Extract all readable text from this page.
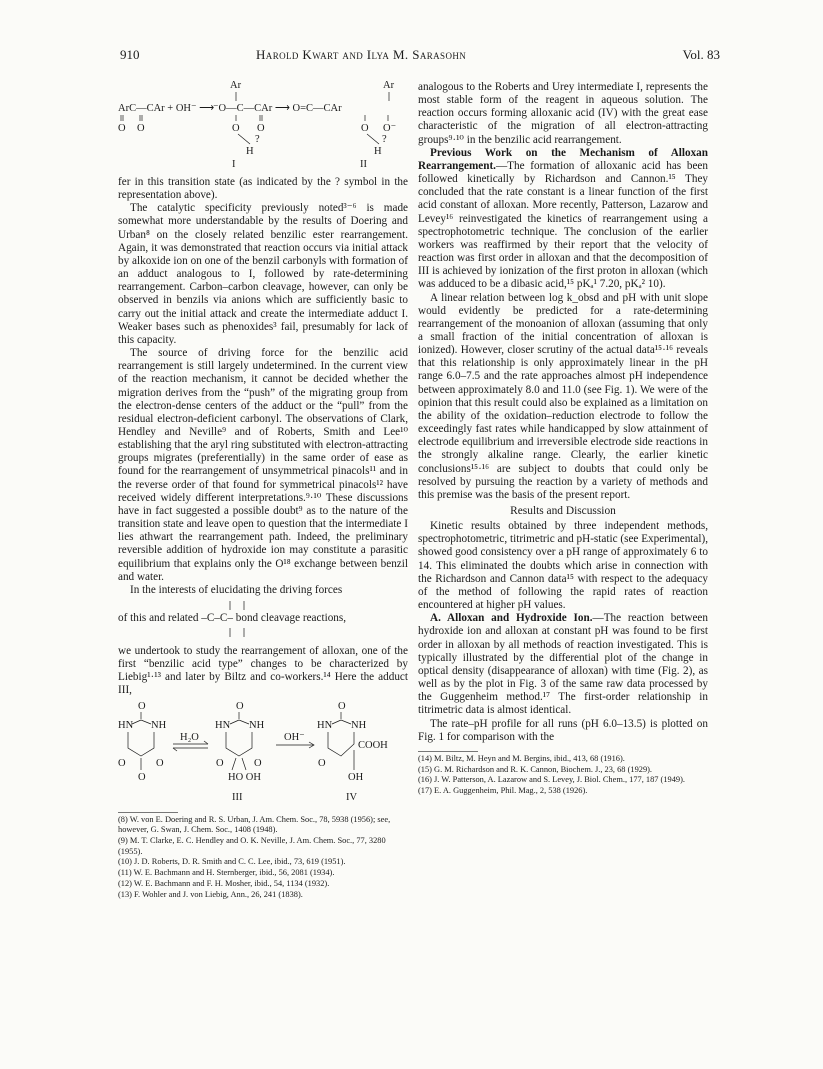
910	Harold Kwart and Ilya M. Sarasohn	Vol. 83
ArC—CAr + OH⁻ ⟶
O O
Ar
⁻O—C—CAr ⟶ O=C—CAr
O O
?
H
I
Ar
O O⁻
?
H
II

fer in this transition state (as indicated by the ? symbol in the representation above).

The catalytic specificity previously noted³⁻⁶ is made somewhat more understandable by the results of Doering and Urban⁸ on the closely related benzilic ester rearrangement. Again, it was demonstrated that reaction occurs via initial attack by alkoxide ion on one of the benzil carbonyls with formation of an adduct analogous to I, followed by rate-determining rearrangement. Carbon–carbon cleavage, however, can only be observed in benzils via anions which are sufficiently basic to carry out the initial attack and create the intermediate adduct I. Weaker bases such as phenoxides³ fail, presumably for lack of this capacity.

The source of driving force for the benzilic acid rearrangement is still largely undetermined. In the current view of the reaction mechanism, it cannot be decided whether the migration derives from the “push” of the migrating group from the electron-dense centers of the adduct or the “pull” from the residual electron-deficient carbonyl. The observations of Clark, Hendley and Neville⁹ and of Roberts, Smith and Lee¹⁰ establishing that the aryl ring substituted with electron-attracting groups migrates (preferentially) in the same order of ease as found for the rearrangement of unsymmetrical pinacols¹¹ and in the reverse order of that found for symmetrical pinacols¹² have received widely different interpretations.⁹·¹⁰ These discussions have in fact suggested a possible doubt⁹ as to the nature of the transition state and leave open to question that the intermediate I lies athwart the rearrangement path. Indeed, the preliminary reversible addition of hydroxide ion may constitute a parasitic equilibrium that explains only the O¹⁸ exchange between benzil and water.

In the interests of elucidating the driving forces

of this and related –C–C– bond cleavage reactions,

we undertook to study the rearrangement of alloxan, one of the first “benzilic acid type” changes to be characterized by Liebig¹·¹³ and later by Biltz and co-workers.¹⁴ Here the adduct III,

O
HN NH
O	O
O
H₂O
O
HN NH
O	O
HO OH
III
OH⁻
O
HN NH
COOH
O
OH
IV
(8) W. von E. Doering and R. S. Urban, J. Am. Chem. Soc., 78, 5938 (1956); see, however, G. Swan, J. Chem. Soc., 1408 (1948).
(9) M. T. Clarke, E. C. Hendley and O. K. Neville, J. Am. Chem. Soc., 77, 3280 (1955).
(10) J. D. Roberts, D. R. Smith and C. C. Lee, ibid., 73, 619 (1951).
(11) W. E. Bachmann and H. Sternberger, ibid., 56, 2081 (1934).
(12) W. E. Bachmann and F. H. Mosher, ibid., 54, 1134 (1932).
(13) F. Wohler and J. von Liebig, Ann., 26, 241 (1838).

analogous to the Roberts and Urey intermediate I, represents the most stable form of the reagent in aqueous solution. The reaction occurs forming alloxanic acid (IV) with the great ease characteristic of the migration of all electron-attracting groups⁹·¹⁰ in the benzilic acid rearrangement.

Previous Work on the Mechanism of Alloxan Rearrangement.—The formation of alloxanic acid has been followed kinetically by Richardson and Cannon.¹⁵ They concluded that the rate constant is a linear function of the first acid constant of alloxan. More recently, Patterson, Lazarow and Levey¹⁶ reinvestigated the kinetics of rearrangement using a spectrophotometric technique. The conclusion of the earlier workers was reaffirmed by their report that the velocity of reaction was first order in alloxan and that the decomposition of III is achieved by ionization of the first proton in alloxan (which was adduced to be a dibasic acid,¹⁵ pKₐ¹ 7.20, pKₐ² 10).

A linear relation between log k_obsd and pH with unit slope would evidently be predicted for a rate-determining rearrangement of the monoanion of alloxan (assuming that only a small fraction of the initial concentration of alloxan is ionized). However, closer scrutiny of the actual data¹⁵·¹⁶ reveals that this relationship is only approximately linear in the pH range 6.0–7.5 and the rate approaches almost pH independence between approximately 8.0 and 11.0 (see Fig. 1). We were of the opinion that this result could also be explained as a limitation on the ability of the oxidation–reduction electrode to follow the exceedingly fast rates while handicapped by slow attainment of electrode equilibrium and irreversible electrode side reactions in the strongly alkaline range. Clearly, the earlier kinetic conclusions¹⁵·¹⁶ are subject to doubts that could only be resolved by pursuing the reaction by a variety of methods and this premise was the basis of the present report.

Results and Discussion

Kinetic results obtained by three independent methods, spectrophotometric, titrimetric and pH-static (see Experimental), showed good consistency over a pH range of approximately 6 to 14. This eliminated the doubts which arise in connection with the Richardson and Cannon data¹⁵ with respect to the adequacy of the method of following the rapid rates of reaction encountered at higher pH values.

A. Alloxan and Hydroxide Ion.—The reaction between hydroxide ion and alloxan at constant pH was found to be first order in alloxan by all methods of reaction investigated. This is typically illustrated by the differential plot of the change in optical density (disappearance of alloxan) with time (Fig. 2), as well as by the plot in Fig. 3 of the same raw data processed by the Guggenheim method.¹⁷ The first-order relationship in titrimetric data is almost identical.

The rate–pH profile for all runs (pH 6.0–13.5) is plotted on Fig. 1 for comparison with the

(14) M. Biltz, M. Heyn and M. Bergins, ibid., 413, 68 (1916).
(15) G. M. Richardson and R. K. Cannon, Biochem. J., 23, 68 (1929).
(16) J. W. Patterson, A. Lazarow and S. Levey, J. Biol. Chem., 177, 187 (1949).
(17) E. A. Guggenheim, Phil. Mag., 2, 538 (1926).
